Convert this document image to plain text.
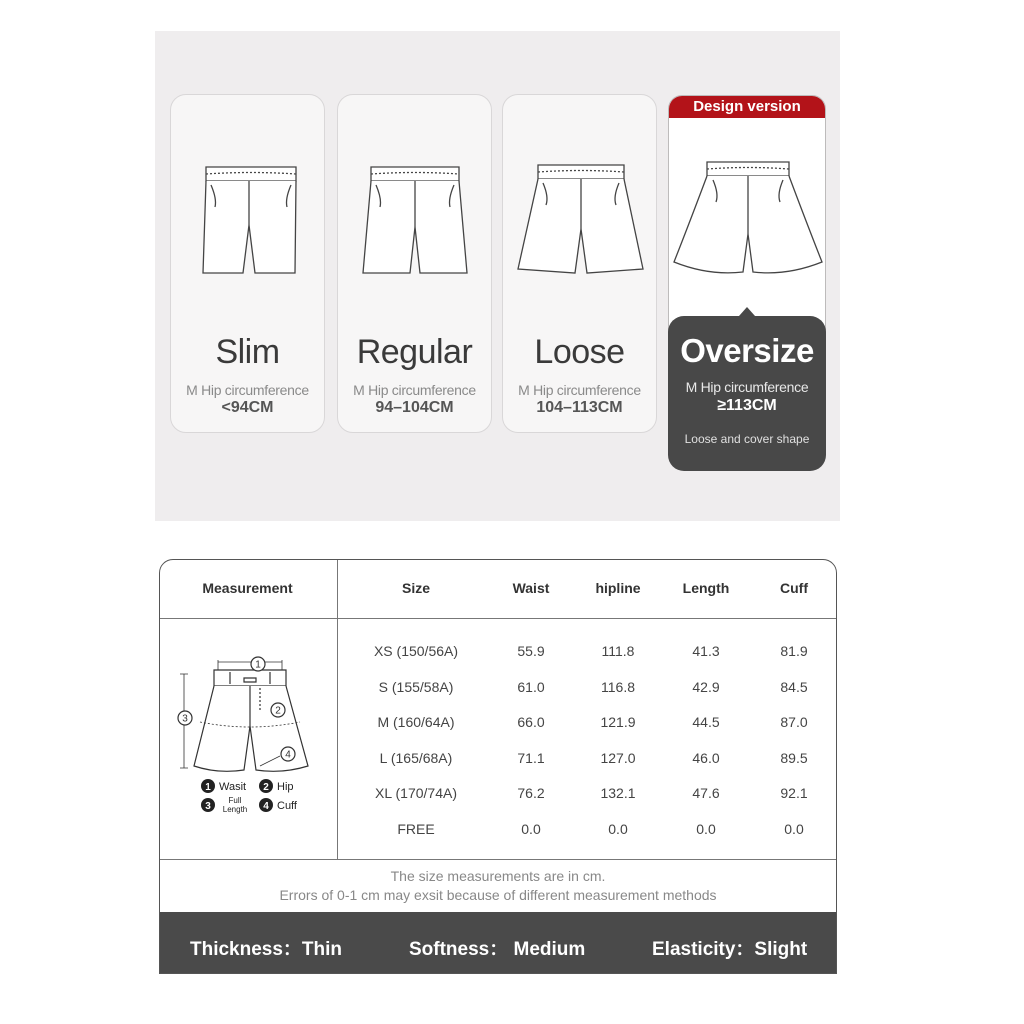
Slim
M Hip circumference
<94CM
Regular
M Hip circumference
94–104CM
Loose
M Hip circumference
104–113CM
Design version
Oversize
M Hip circumference
≥113CM
Loose and cover shape
Measurement	Size	Waist	hipline	Length	Cuff
XS (150/56A)	55.9	111.8	41.3	81.9
S (155/58A)	61.0	116.8	42.9	84.5
M (160/64A)	66.0	121.9	44.5	87.0
L (165/68A)	71.1	127.0	46.0	89.5
XL (170/74A)	76.2	132.1	47.6	92.1
FREE	0.0	0.0	0.0	0.0
1
2
3
4
1 Wasit 2 Hip
3
Full
Length 4 Cuff
The size measurements are in cm.
Errors of 0-1 cm may exsit because of different measurement methods
Thickness：Thin	Softness： Medium	Elasticity：Slight
